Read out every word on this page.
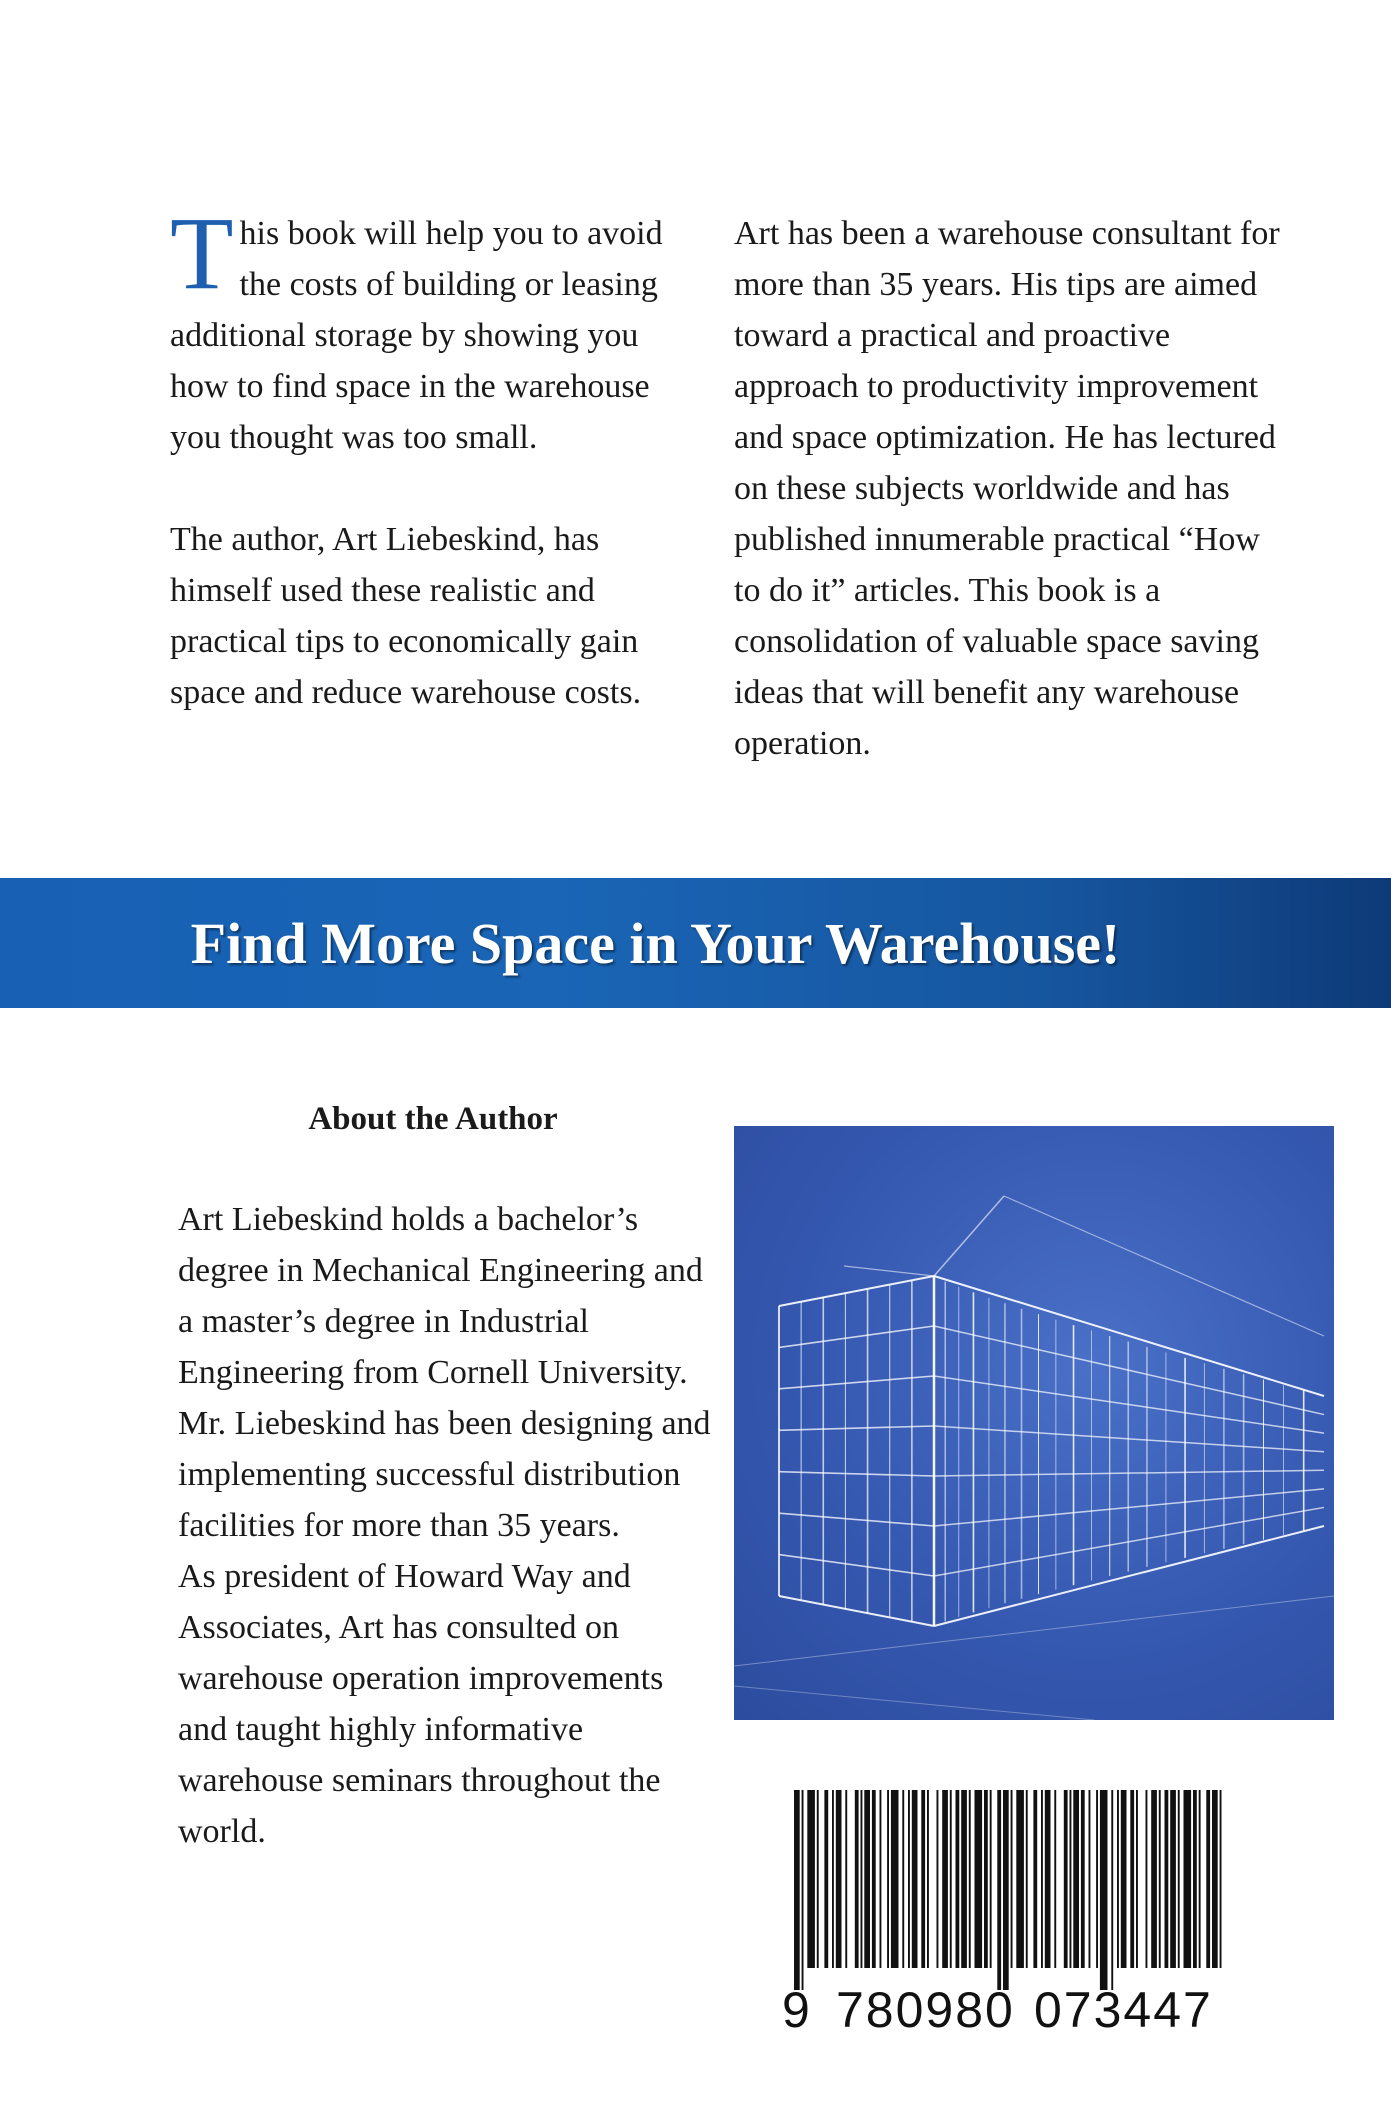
This book will help you to avoid the costs of building or leasing additional storage by showing you how to find space in the warehouse you thought was too small.

The author, Art Liebeskind, has himself used these realistic and practical tips to economically gain space and reduce warehouse costs.

Art has been a warehouse consultant for more than 35 years. His tips are aimed toward a practical and proactive approach to productivity improvement and space optimization. He has lectured on these subjects worldwide and has published innumerable practical “How to do it” articles. This book is a consolidation of valuable space saving ideas that will benefit any warehouse operation.

Find More Space in Your Warehouse!
About the Author

Art Liebeskind holds a bachelor’s degree in Mechanical Engineering and a master’s degree in Industrial Engineering from Cornell University. Mr. Liebeskind has been designing and implementing successful distribution facilities for more than 35 years.

As president of Howard Way and Associates, Art has consulted on warehouse operation improvements and taught highly informative warehouse seminars throughout the world.

9 780980 073447
